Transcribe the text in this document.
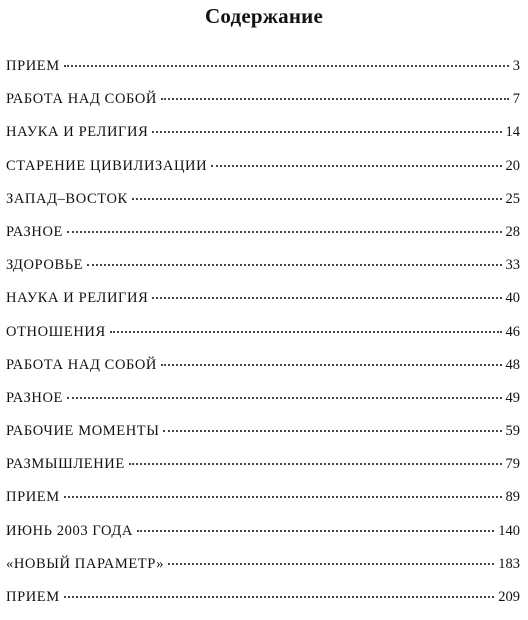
Содержание
ПРИЕМ	3
РАБОТА НАД СОБОЙ	7
НАУКА И РЕЛИГИЯ	14
СТАРЕНИЕ ЦИВИЛИЗАЦИИ	20
ЗАПАД–ВОСТОК	25
РАЗНОЕ	28
ЗДОРОВЬЕ	33
НАУКА И РЕЛИГИЯ	40
ОТНОШЕНИЯ	46
РАБОТА НАД СОБОЙ	48
РАЗНОЕ	49
РАБОЧИЕ МОМЕНТЫ	59
РАЗМЫШЛЕНИЕ	79
ПРИЕМ	89
ИЮНЬ 2003 ГОДА	140
«НОВЫЙ ПАРАМЕТР»	183
ПРИЕМ	209
